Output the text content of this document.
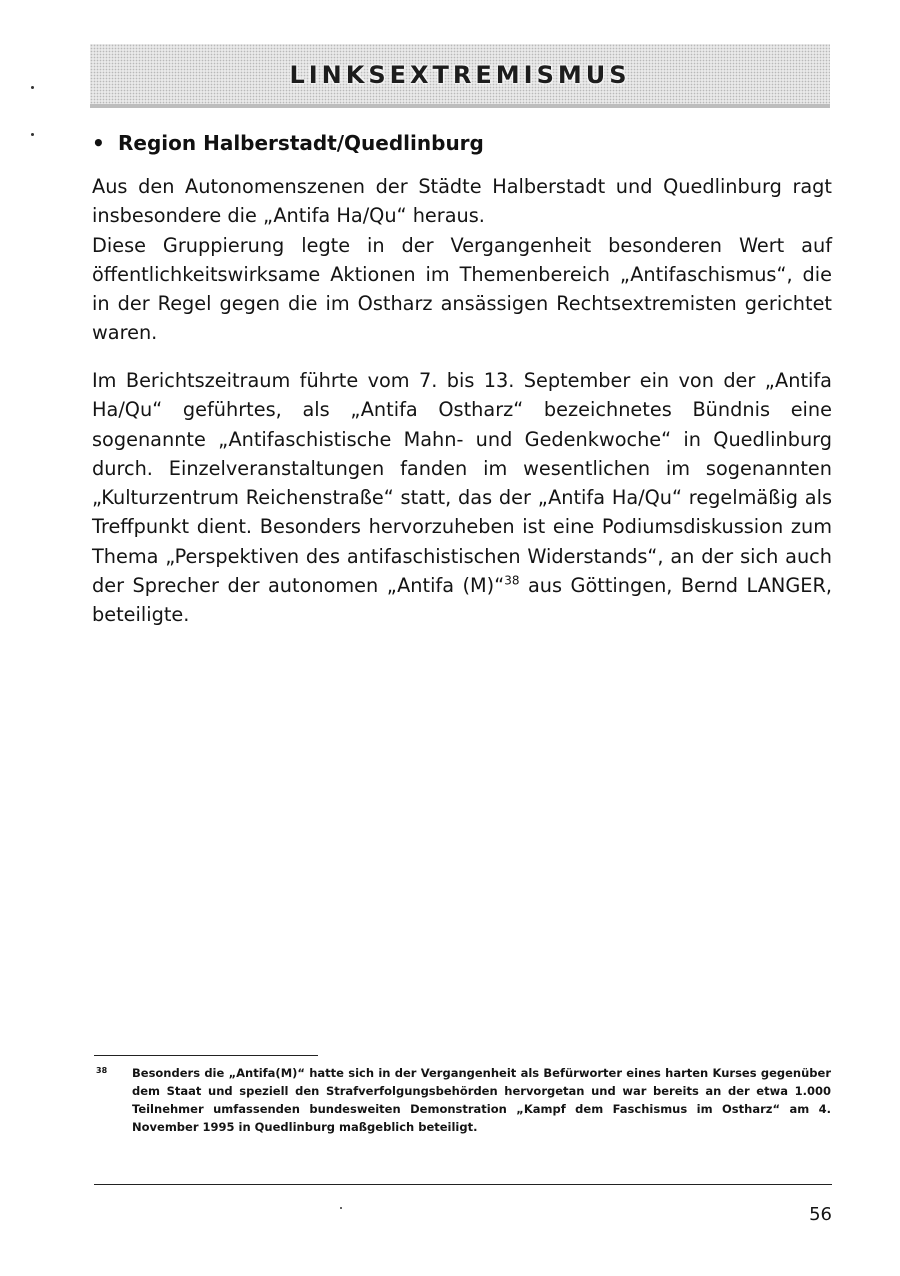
LINKSEXTREMISMUS
• Region Halberstadt/Quedlinburg

Aus den Autonomenszenen der Städte Halberstadt und Quedlinburg ragt insbesondere die „Antifa Ha/Qu“ heraus.

Diese Gruppierung legte in der Vergangenheit besonderen Wert auf öffentlichkeitswirksame Aktionen im Themenbereich „Antifaschismus“, die in der Regel gegen die im Ostharz ansässigen Rechtsextremisten gerichtet waren.

Im Berichtszeitraum führte vom 7. bis 13. September ein von der „Antifa Ha/Qu“ geführtes, als „Antifa Ostharz“ bezeichnetes Bündnis eine sogenannte „Antifaschistische Mahn- und Gedenkwoche“ in Quedlinburg durch. Einzelveranstaltungen fanden im wesentlichen im sogenannten „Kulturzentrum Reichenstraße“ statt, das der „Antifa Ha/Qu“ regelmäßig als Treffpunkt dient. Besonders hervorzuheben ist eine Podiumsdiskussion zum Thema „Perspektiven des antifaschistischen Widerstands“, an der sich auch der Sprecher der autonomen „Antifa (M)“$^{38}$ aus Göttingen, Bernd LANGER, beteiligte.

38 Besonders die „Antifa(M)“ hatte sich in der Vergangenheit als Befürworter eines harten Kurses gegenüber dem Staat und speziell den Strafverfolgungsbehörden hervorgetan und war bereits an der etwa 1.000 Teilnehmer umfassenden bundesweiten Demonstration „Kampf dem Faschismus im Ostharz“ am 4. November 1995 in Quedlinburg maßgeblich beteiligt.

56
